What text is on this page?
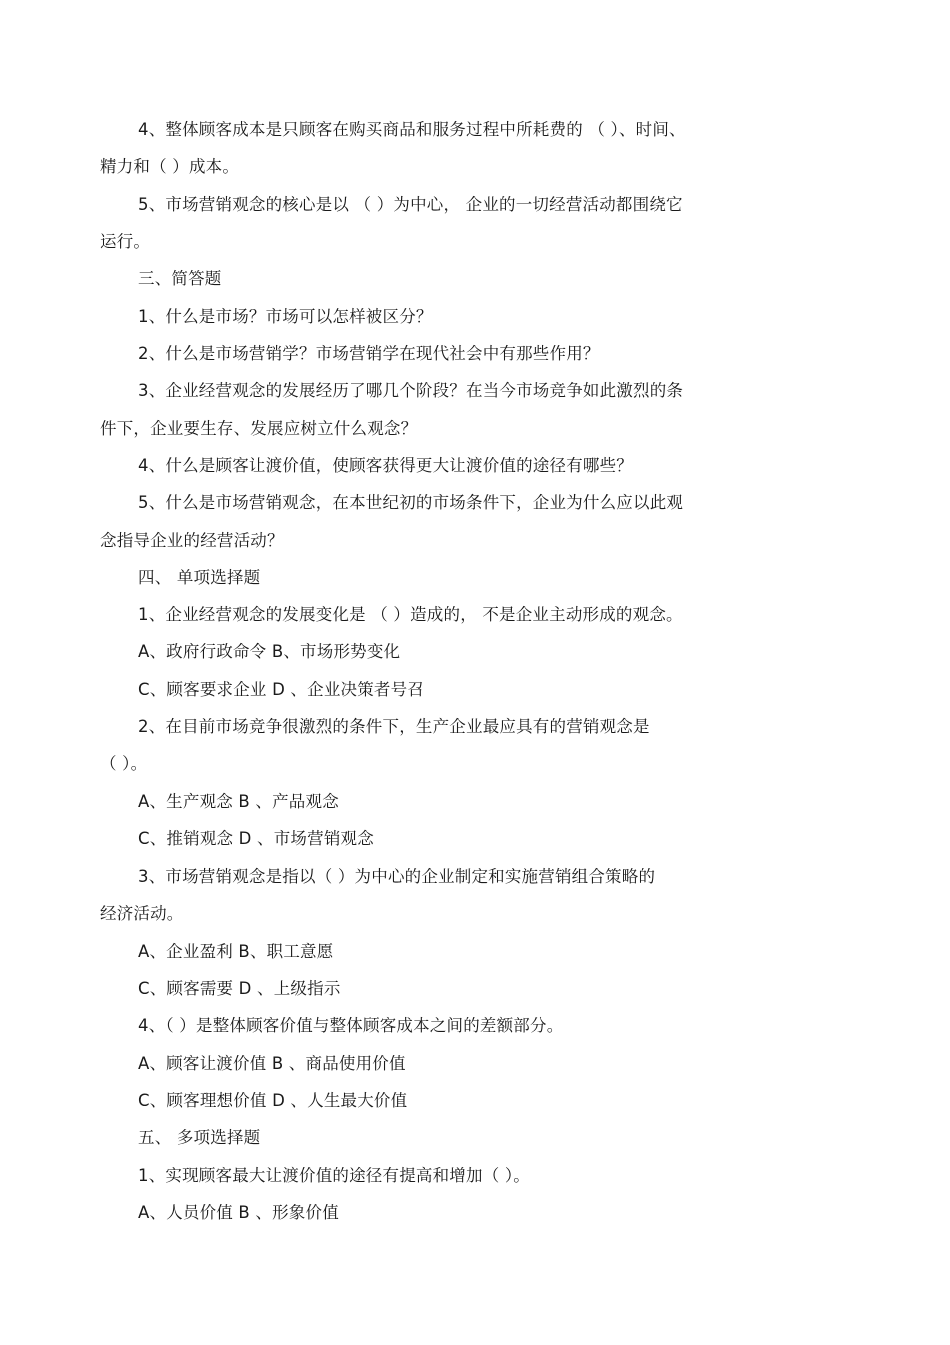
4、整体顾客成本是只顾客在购买商品和服务过程中所耗费的 （ ）、时间、
精力和（ ）成本。
5、市场营销观念的核心是以 （ ）为中心， 企业的一切经营活动都围绕它
运行。
三、简答题
1、什么是市场？市场可以怎样被区分？
2、什么是市场营销学？市场营销学在现代社会中有那些作用？
3、企业经营观念的发展经历了哪几个阶段？在当今市场竞争如此激烈的条
件下，企业要生存、发展应树立什么观念？
4、什么是顾客让渡价值，使顾客获得更大让渡价值的途径有哪些？
5、什么是市场营销观念，在本世纪初的市场条件下，企业为什么应以此观
念指导企业的经营活动？
四、 单项选择题
1、企业经营观念的发展变化是 （ ）造成的， 不是企业主动形成的观念。
A、政府行政命令 B、市场形势变化
C、顾客要求企业 D 、企业决策者号召
2、在目前市场竞争很激烈的条件下，生产企业最应具有的营销观念是
（ ）。
A、生产观念 B 、产品观念
C、推销观念 D 、市场营销观念
3、市场营销观念是指以（ ）为中心的企业制定和实施营销组合策略的
经济活动。
A、企业盈利 B、职工意愿
C、顾客需要 D 、上级指示
4、（ ）是整体顾客价值与整体顾客成本之间的差额部分。
A、顾客让渡价值 B 、商品使用价值
C、顾客理想价值 D 、人生最大价值
五、 多项选择题
1、实现顾客最大让渡价值的途径有提高和增加（ ）。
A、人员价值 B 、形象价值
